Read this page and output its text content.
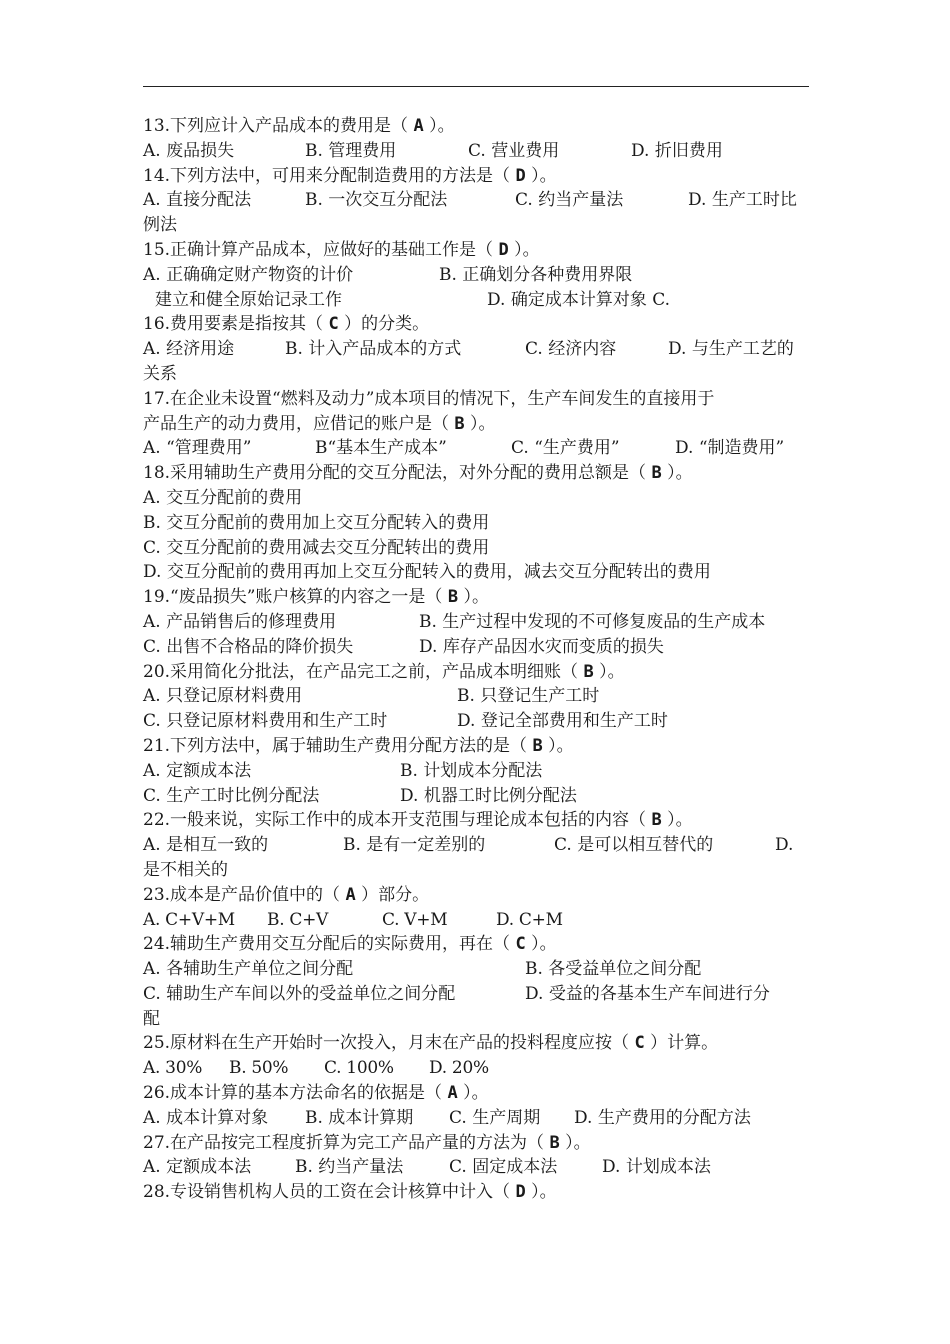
13.下列应计入产品成本的费用是（ A ）。
A. 废品损失	B. 管理费用	C. 营业费用	D. 折旧费用
14.下列方法中，可用来分配制造费用的方法是（ D ）。
A. 直接分配法	B. 一次交互分配法	C. 约当产量法	D. 生产工时比
例法
15.正确计算产品成本，应做好的基础工作是（ D ）。
A. 正确确定财产物资的计价	B. 正确划分各种费用界限
建立和健全原始记录工作	D. 确定成本计算对象 C.
16.费用要素是指按其（ C ）的分类。
A. 经济用途	B. 计入产品成本的方式	C. 经济内容	D. 与生产工艺的
关系
17.在企业未设置“燃料及动力”成本项目的情况下，生产车间发生的直接用于
产品生产的动力费用，应借记的账户是（ B ）。
A. “管理费用”	B“基本生产成本”	C. “生产费用”	D. “制造费用”
18.采用辅助生产费用分配的交互分配法，对外分配的费用总额是（ B ）。
A. 交互分配前的费用
B. 交互分配前的费用加上交互分配转入的费用
C. 交互分配前的费用减去交互分配转出的费用
D. 交互分配前的费用再加上交互分配转入的费用，减去交互分配转出的费用
19.“废品损失”账户核算的内容之一是（ B ）。
A. 产品销售后的修理费用	B. 生产过程中发现的不可修复废品的生产成本
C. 出售不合格品的降价损失	D. 库存产品因水灾而变质的损失
20.采用简化分批法，在产品完工之前，产品成本明细账（ B ）。
A. 只登记原材料费用	B. 只登记生产工时
C. 只登记原材料费用和生产工时	D. 登记全部费用和生产工时
21.下列方法中，属于辅助生产费用分配方法的是（ B ）。
A. 定额成本法	B. 计划成本分配法
C. 生产工时比例分配法	D. 机器工时比例分配法
22.一般来说，实际工作中的成本开支范围与理论成本包括的内容（ B ）。
A. 是相互一致的	B. 是有一定差别的	C. 是可以相互替代的	D.
是不相关的
23.成本是产品价值中的（ A ）部分。
A. C+V+M B. C+V	C. V+M	D. C+M
24.辅助生产费用交互分配后的实际费用，再在（ C ）。
A. 各辅助生产单位之间分配	B. 各受益单位之间分配
C. 辅助生产车间以外的受益单位之间分配	D. 受益的各基本生产车间进行分
配
25.原材料在生产开始时一次投入，月末在产品的投料程度应按（ C ）计算。
A. 30% B. 50% C. 100% D. 20%
26.成本计算的基本方法命名的依据是（ A ）。
A. 成本计算对象 B. 成本计算期 C. 生产周期 D. 生产费用的分配方法
27.在产品按完工程度折算为完工产品产量的方法为（ B ）。
A. 定额成本法	B. 约当产量法	C. 固定成本法	D. 计划成本法
28.专设销售机构人员的工资在会计核算中计入（ D ）。
